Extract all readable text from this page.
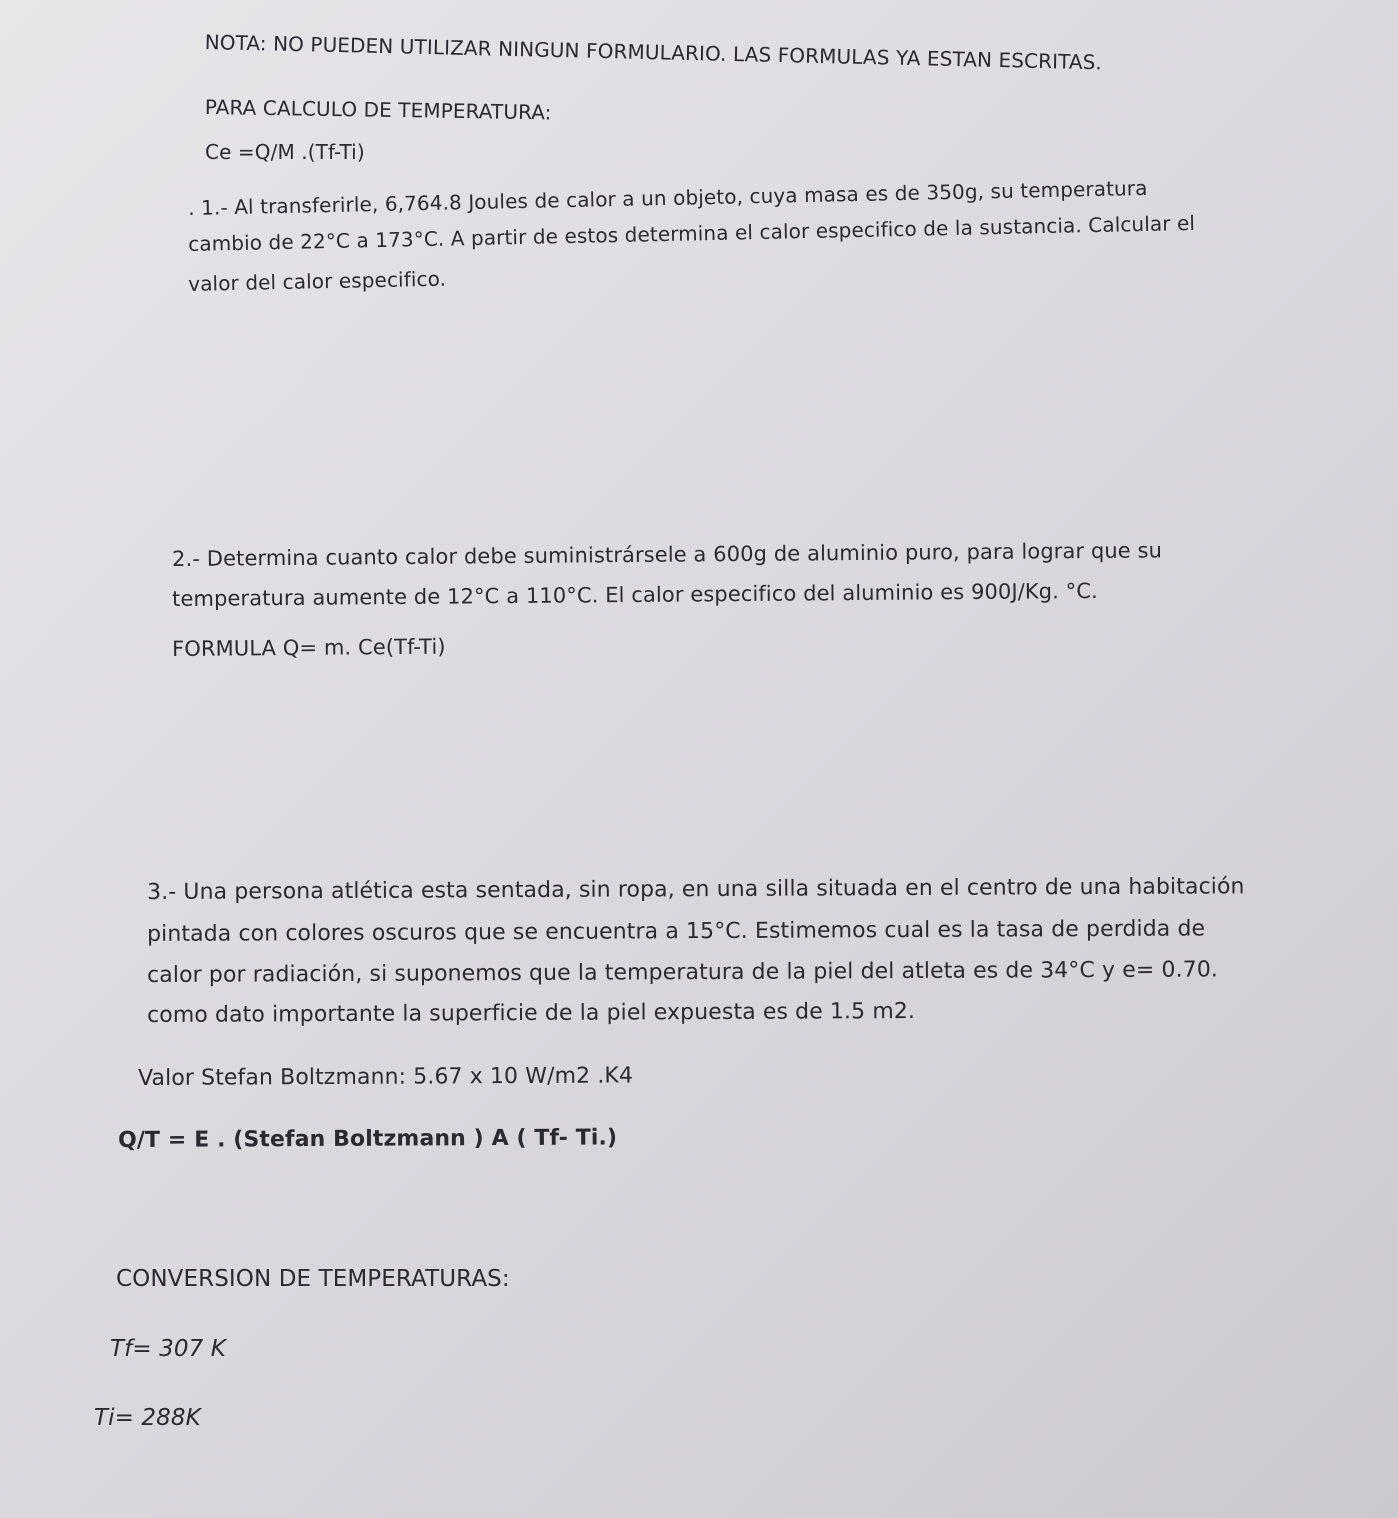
NOTA: NO PUEDEN UTILIZAR NINGUN FORMULARIO. LAS FORMULAS YA ESTAN ESCRITAS.
PARA CALCULO DE TEMPERATURA:
Ce =Q/M .(Tf-Ti)
. 1.- Al transferirle, 6,764.8 Joules de calor a un objeto, cuya masa es de 350g, su temperatura
cambio de 22°C a 173°C. A partir de estos determina el calor especifico de la sustancia. Calcular el
valor del calor especifico.
2.- Determina cuanto calor debe suministrársele a 600g de aluminio puro, para lograr que su
temperatura aumente de 12°C a 110°C. El calor especifico del aluminio es 900J/Kg. °C.
FORMULA Q= m. Ce(Tf-Ti)
3.- Una persona atlética esta sentada, sin ropa, en una silla situada en el centro de una habitación
pintada con colores oscuros que se encuentra a 15°C. Estimemos cual es la tasa de perdida de
calor por radiación, si suponemos que la temperatura de la piel del atleta es de 34°C y e= 0.70.
como dato importante la superficie de la piel expuesta es de 1.5 m2.
Valor Stefan Boltzmann: 5.67 x 10 W/m2 .K4
Q/T = E . (Stefan Boltzmann ) A ( Tf- Ti.)
CONVERSION DE TEMPERATURAS:
Tf= 307 K
Ti= 288K
